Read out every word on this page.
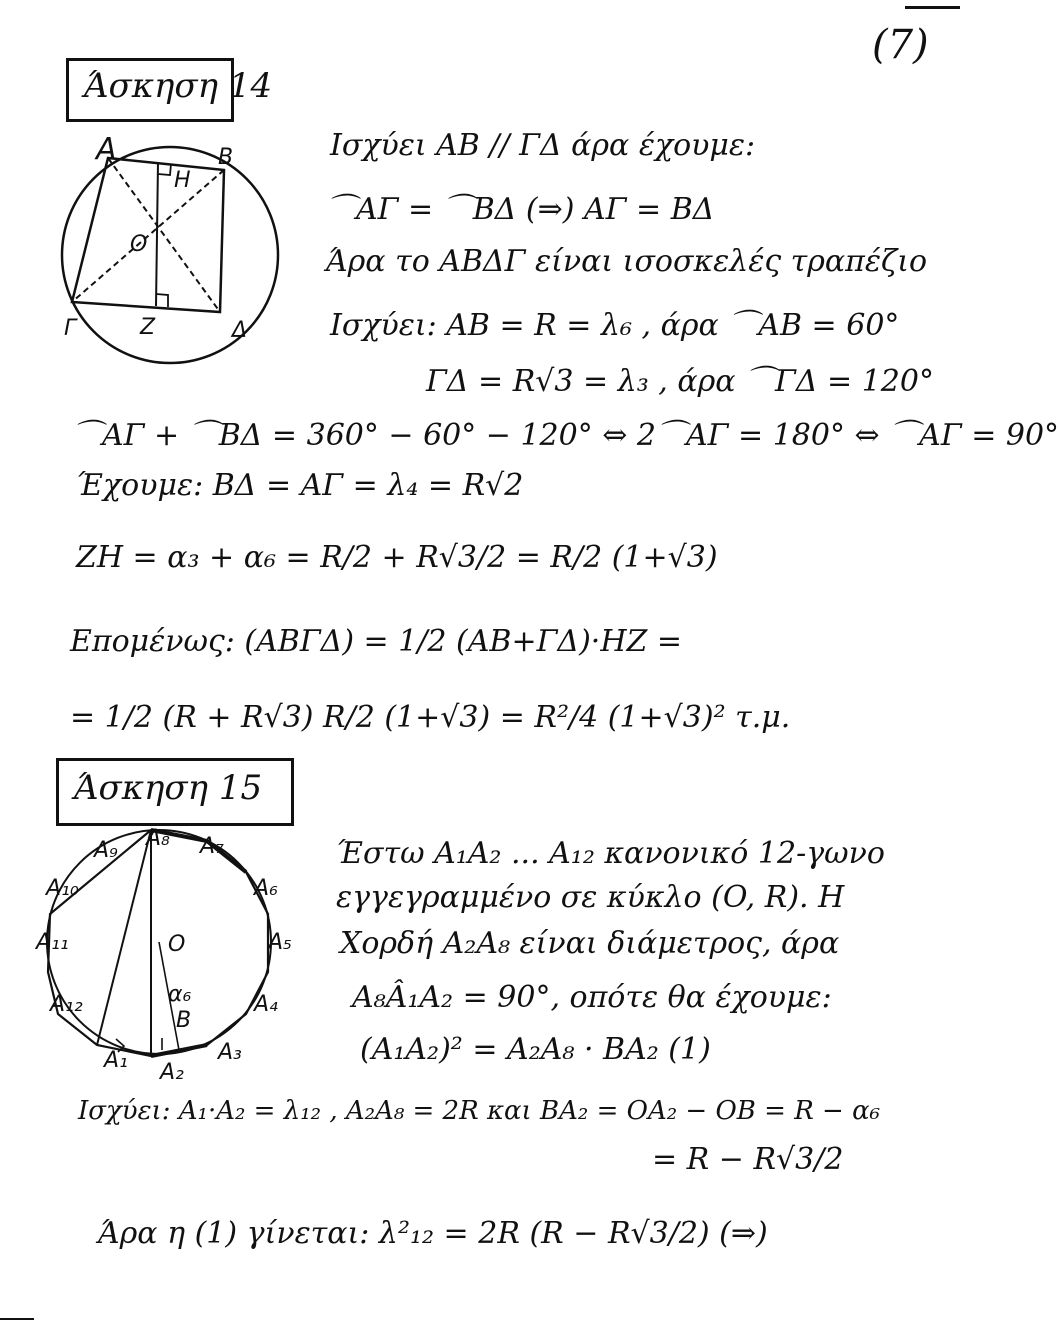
(7)
Άσκηση 14
A	B
Γ	Δ
O
H
Z
Ισχύει AB // ΓΔ άρα έχουμε:
⌒AΓ = ⌒BΔ (⇒) AΓ = BΔ
Άρα το ABΔΓ είναι ισοσκελές τραπέζιο
Ισχύει: AB = R = λ₆ , άρα ⌒AB = 60°
ΓΔ = R√3 = λ₃ , άρα ⌒ΓΔ = 120°
⌒AΓ + ⌒BΔ = 360° − 60° − 120° ⇔ 2⌒AΓ = 180° ⇔ ⌒AΓ = 90°
Έχουμε: BΔ = AΓ = λ₄ = R√2
ZH = α₃ + α₆ = R/2 + R√3/2 = R/2 (1+√3)
Επομένως: (ABΓΔ) = 1/2 (AB+ΓΔ)·HZ =
= 1/2 (R + R√3) R/2 (1+√3) = R²/4 (1+√3)² τ.μ.
Άσκηση 15
A₁ A₂
A₃
A₄
A₅
A₆
A₇
A₈
A₉
A₁₀
A₁₁
A₁₂
O
B
α₆
Έστω A₁A₂ ... A₁₂ κανονικό 12-γωνο
εγγεγραμμένο σε κύκλο (O, R). Η
Χορδή A₂A₈ είναι διάμετρος, άρα
A₈Â₁A₂ = 90°, οπότε θα έχουμε:
(A₁A₂)² = A₂A₈ · BA₂ (1)
Ισχύει: A₁·A₂ = λ₁₂ , A₂A₈ = 2R και BA₂ = OA₂ − OB = R − α₆
= R − R√3/2
Άρα η (1) γίνεται: λ²₁₂ = 2R (R − R√3/2) (⇒)
